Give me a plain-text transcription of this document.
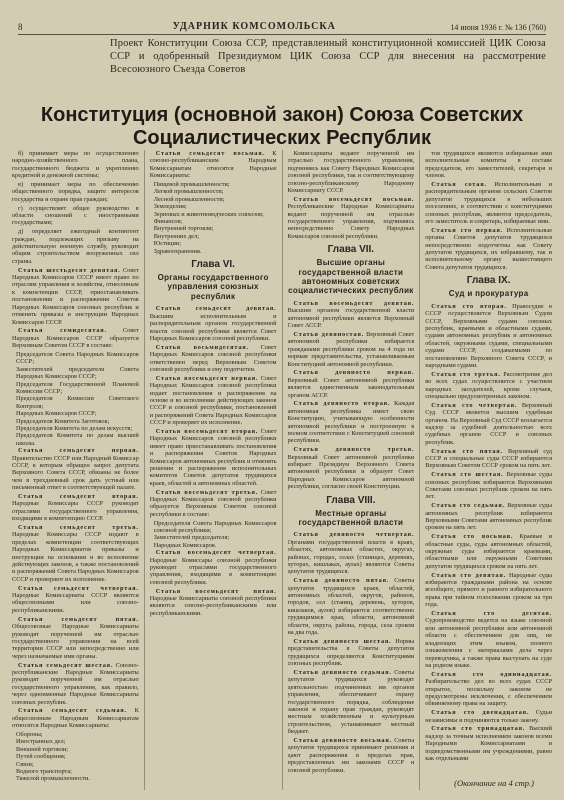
8	УДАРНИК КОМСОМОЛЬСКА	14 июня 1936 г. № 136 (760)
Проект Конституции Союза ССР, представленный конституционной комиссией ЦИК Союза ССР и одобренный Президиумом ЦИК Союза ССР для внесения на рассмотрение Всесоюзного Съезда Советов
Конституция (основной закон) Союза Советских
Социалистических Республик

б) принимает меры по осуществлению народно-хозяйственного плана, государственного бюджета и укреплению кредитной и денежной системы;

в) принимает меры по обеспечению общественного порядка, защите интересов государства и охране прав граждан;

г) осуществляет общее руководство в области сношений с иностранными государствами;

д) определяет ежегодный контингент граждан, подлежащих призыву на действительную военную службу, руководит общим строительством вооруженных сил страны.

Статья шестьдесят девятая. Совет Народных Комиссаров СССР имеет право по отраслям управления и хозяйства, отнесенным к компетенции СССР, приостанавливать постановления и распоряжения Советов Народных Комиссаров союзных республик и отменять приказы и инструкции Народных Комиссаров СССР.

Статья семидесятая.	Совет Народных Комиссаров СССР образуется Верховным Советом СССР в составе:

Председателя Совета Народных Комиссаров СССР;

Заместителей председателя Совета Народных Комиссаров СССР;

Председателя Государственной Плановой Комиссии СССР;

Председателя Комиссии Советского Контроля;

Народных Комиссаров СССР;

Председателя Комитета Заготовок;

Председателя Комитета по делам искусств;

Председателя Комитета по делам высшей школы.

Статья семьдесят первая. Правительство СССР или Народный Комиссар СССР, к которым обращен запрос депутата Верховного Совета СССР, обязаны не более чем в трехдневный срок дать устный или письменный ответ в соответствующей палате.

Статья семьдесят вторая. Народные Комиссары СССР руководят отраслями государственного управления, входящими в компетенцию СССР.

Статья семьдесят третья. Народные Комиссары СССР издают в пределах компетенции соответствующих Народных Комиссариатов приказы и инструкции на основании и во исполнение действующих законов, а также постановлений и распоряжений Совета Народных Комиссаров СССР и проверяют их исполнение.

Статья семьдесят четвертая. Народные Комиссариаты СССР являются общесоюзными или союзно-республиканскими.

Статья семьдесят пятая. Общесоюзные Народные Комиссариаты руководят порученной им отраслью государственного управления на всей территории СССР или непосредственно или через назначаемые ими органы.

Статья семьдесят шестая. Союзно-республиканские Народные Комиссариаты руководят порученной им отраслью государственного управления, как правило, через одноименные Народные Комиссариаты союзных республик.

Статья семьдесят седьмая. К общесоюзным Народным Комиссариатам относятся Народные Комиссариаты:

Обороны;

Иностранных дел;

Внешней торговли;

Путей сообщения;

Связи;

Водного транспорта;

Тяжелой промышленности.

Статья семьдесят восьмая. К союзно-республиканским Народным Комиссариатам относятся Народные Комиссариаты:

Пищевой промышленности;

Легкой промышленности;

Лесной промышленности;

Земледелия;

Зерновых и животноводческих совхозов;

Финансов;

Внутренней торговли;

Внутренних дел;

Юстиции;

Здравоохранения.

Глава VI.
Органы государственного управления союзных республик

Статья семьдесят девятая. Высшим исполнительным и распорядительным органом государственной власти союзной республики является Совет Народных Комиссаров союзной республики.

Статья восьмидесятая. Совет Народных Комиссаров союзной республики ответственен перед Верховным Советом союзной республики и ему подотчетен.

Статья восемьдесят первая. Совет Народных Комиссаров союзной республики издает постановления и распоряжения на основе и во исполнение действующих законов СССР и союзной республики, постановлений и распоряжений Совета Народных Комиссаров СССР и проверяет их исполнение.

Статья восемьдесят вторая. Совет Народных Комиссаров союзной республики имеет право приостанавливать постановления и распоряжения Советов Народных Комиссаров автономных республик и отменять решения и распоряжения исполнительных комитетов Советов депутатов трудящихся краев, областей и автономных областей.

Статья восемьдесят третья. Совет Народных Комиссаров союзной республики образуется Верховным Советом союзной республики в составе:

Председателя Совета Народных Комиссаров союзной республики;

Заместителей председателя;

Народных Комиссаров.

Статья восемьдесят четвертая. Народные Комиссары союзной республики руководят отраслями государственного управления, входящими в компетенцию союзной республики.

Статья восемьдесят пятая. Народные Комиссариаты союзной республики являются союзно-республиканскими или республиканскими.

Комиссариаты ведают порученной им отраслью государственного управления, подчиняясь как Совету Народных Комиссаров союзной республики, так и соответствующему союзно-республиканскому Народному Комиссариату СССР.

Статья восемьдесят восьмая. Республиканские Народные Комиссариаты ведают порученной им отраслью государственного управления, подчиняясь непосредственно Совету Народных Комиссаров союзной республики.

Глава VII.
Высшие органы государственной власти автономных советских социалистических республик

Статья восемьдесят девятая. Высшим органом государственной власти автономной республики является Верховный Совет АССР.

Статья девяностая. Верховный Совет автономной республики избирается гражданами республики сроком на 4 года по нормам представительства, устанавливаемым Конституцией автономной республики.

Статья девяносто первая. Верховный Совет автономной республики является единственным законодательным органом АССР.

Статья девяносто вторая. Каждая автономная республика имеет свою Конституцию, учитывающую особенности автономной республики и построенную в полном соответствии с Конституцией союзной республики.

Статья девяносто третья. Верховный Совет автономной республики избирает Президиум Верховного Совета автономной республики и образует Совет Народных Комиссаров автономной республики, согласно своей Конституции.

Глава VIII.
Местные органы государственной власти

Статья девяносто четвертая. Органами государственной власти в краях, областях, автономных областях, округах, районах, городах, селах (станицах, деревнях, хуторах, кишлаках, аулах) являются Советы депутатов трудящихся.

Статья девяносто пятая. Советы депутатов трудящихся краев, областей, автономных областей, округов, районов, городов, сел (станиц, деревень, хуторов, кишлаков, аулов) избираются соответственно трудящимися края, области, автономной области, округа, района, города, села сроком на два года.

Статья девяносто шестая. Нормы представительства в Советы депутатов трудящихся определяются Конституциями союзных республик.

Статья девяносто седьмая. Советы депутатов трудящихся руководят деятельностью подчиненных им органов управления, обеспечивают охрану государственного порядка, соблюдение законов и охрану прав граждан, руководят местным хозяйственным и культурным строительством, устанавливают местный бюджет.

Статья девяносто восьмая. Советы депутатов трудящихся принимают решения и дают распоряжения в пределах прав, предоставленных им законами СССР и союзной республики.

тов трудящихся являются избираемые ими исполнительные комитеты в составе председателя, его заместителей, секретаря и членов.

Статья сотая. Исполнительным и распорядительным органом сельских Советов депутатов трудящихся в небольших поселениях, в соответствии с конституциями союзных республик, являются председатель, его заместитель и секретарь, избираемые ими.

Статья сто первая. Исполнительные органы Советов депутатов трудящихся непосредственно подотчетны как Совету депутатов трудящихся, их избравшему, так и исполнительному органу вышестоящего Совета депутатов трудящихся.

Глава IX.
Суд и прокуратура

Статья сто вторая. Правосудие в СССР осуществляется Верховным Судом СССР, Верховными судами союзных республик, краевыми и областными судами, судами автономных республик и автономных областей, окружными судами, специальными судами СССР, создаваемыми по постановлению Верховного Совета СССР, и народными судами.

Статья сто третья. Рассмотрение дел во всех судах осуществляется с участием народных заседателей, кроме случаев, специально предусмотренных законом.

Статья сто четвертая. Верховный Суд СССР является высшим судебным органом. На Верховный Суд СССР возлагается надзор за судебной деятельностью всех судебных органов СССР и союзных республик.

Статья сто пятая. Верховный суд СССР и специальные суды СССР избираются Верховным Советом СССР сроком на пять лет.

Статья сто шестая. Верховные суды союзных республик избираются Верховными Советами союзных республик сроком на пять лет.

Статья сто седьмая. Верховные суды автономных республик избираются Верховными Советами автономных республик сроком на пять лет.

Статья сто восьмая. Краевые и областные суды, суды автономных областей, окружные суды избираются краевыми, областными или окружными Советами депутатов трудящихся сроком на пять лет.

Статья сто девятая. Народные суды избираются гражданами района на основе всеобщего, прямого и равного избирательного права при тайном голосовании сроком на три года.

Статья сто десятая. Судопроизводство ведется на языке союзной или автономной республики или автономной области с обеспечением для лиц, не владеющих этим языком, полного ознакомления с материалами дела через переводчика, а также права выступать на суде на родном языке.

Статья сто одиннадцатая. Разбирательство дел во всех судах СССР открытое, поскольку законом не предусмотрены исключения, с обеспечением обвиняемому права на защиту.

Статья сто двенадцатая. Судьи независимы и подчиняются только закону.

Статья сто тринадцатая. Высший надзор за точным исполнением законов всеми Народными Комиссариатами и подведомственными им учреждениями, равно как отдельными

(Окончание на 4 стр.)
